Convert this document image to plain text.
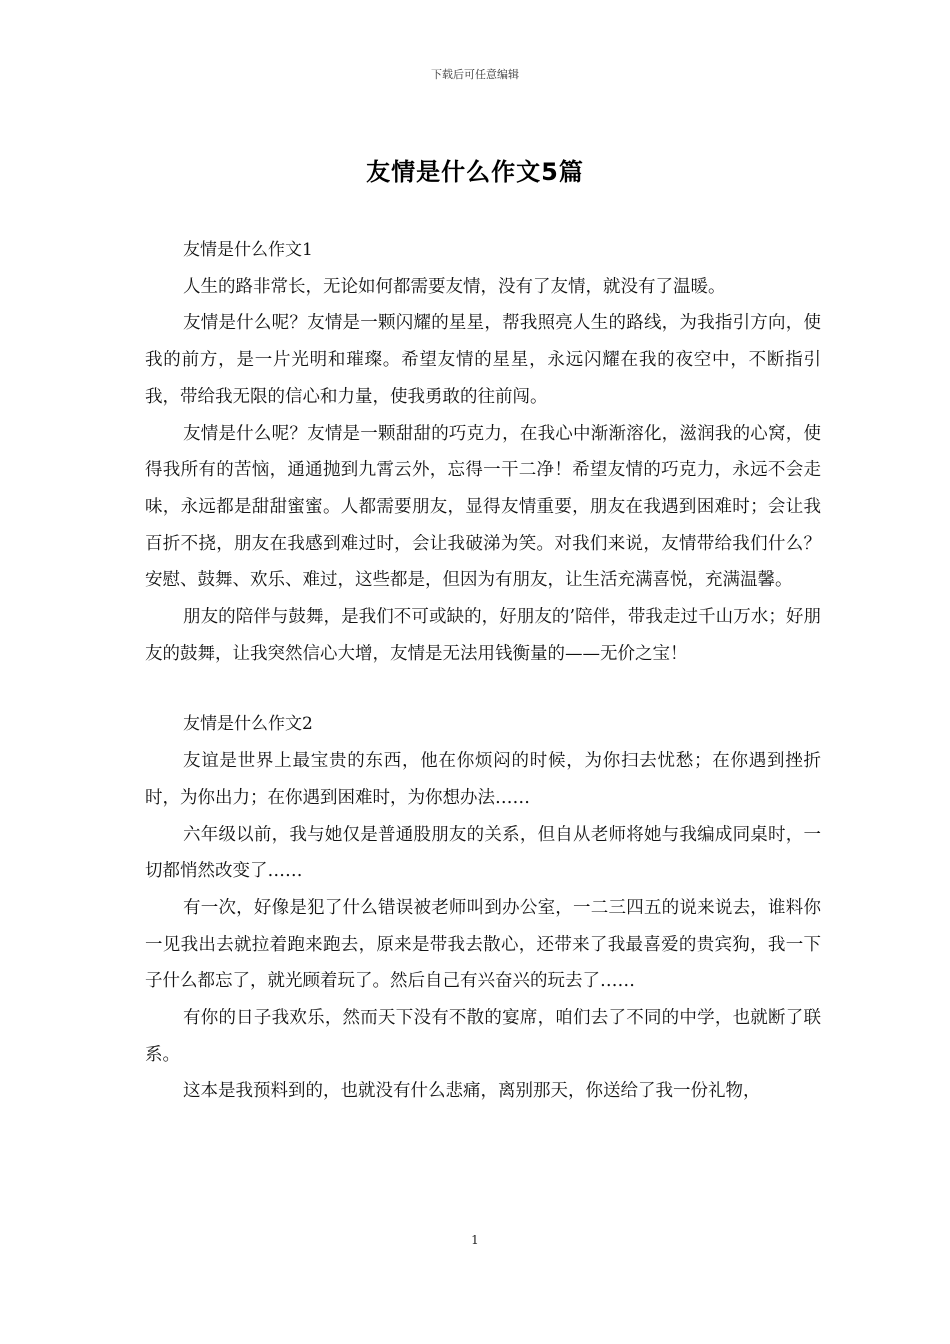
下载后可任意编辑
友情是什么作文5篇

友情是什么作文1

人生的路非常长，无论如何都需要友情，没有了友情，就没有了温暖。

友情是什么呢？友情是一颗闪耀的星星，帮我照亮人生的路线，为我指引方向，使我的前方，是一片光明和璀璨。希望友情的星星，永远闪耀在我的夜空中，不断指引我，带给我无限的信心和力量，使我勇敢的往前闯。

友情是什么呢？友情是一颗甜甜的巧克力，在我心中渐渐溶化，滋润我的心窝，使得我所有的苦恼，通通抛到九霄云外，忘得一干二净！希望友情的巧克力，永远不会走味，永远都是甜甜蜜蜜。人都需要朋友，显得友情重要，朋友在我遇到困难时；会让我百折不挠，朋友在我感到难过时，会让我破涕为笑。对我们来说，友情带给我们什么？安慰、鼓舞、欢乐、难过，这些都是，但因为有朋友，让生活充满喜悦，充满温馨。

朋友的陪伴与鼓舞，是我们不可或缺的，好朋友的’陪伴，带我走过千山万水；好朋友的鼓舞，让我突然信心大增，友情是无法用钱衡量的——无价之宝！

友情是什么作文2

友谊是世界上最宝贵的东西，他在你烦闷的时候，为你扫去忧愁；在你遇到挫折时，为你出力；在你遇到困难时，为你想办法……

六年级以前，我与她仅是普通股朋友的关系，但自从老师将她与我编成同桌时，一切都悄然改变了……

有一次，好像是犯了什么错误被老师叫到办公室，一二三四五的说来说去，谁料你一见我出去就拉着跑来跑去，原来是带我去散心，还带来了我最喜爱的贵宾狗，我一下子什么都忘了，就光顾着玩了。然后自己有兴奋兴的玩去了……

有你的日子我欢乐，然而天下没有不散的宴席，咱们去了不同的中学，也就断了联系。

这本是我预料到的，也就没有什么悲痛，离别那天，你送给了我一份礼物，

1
